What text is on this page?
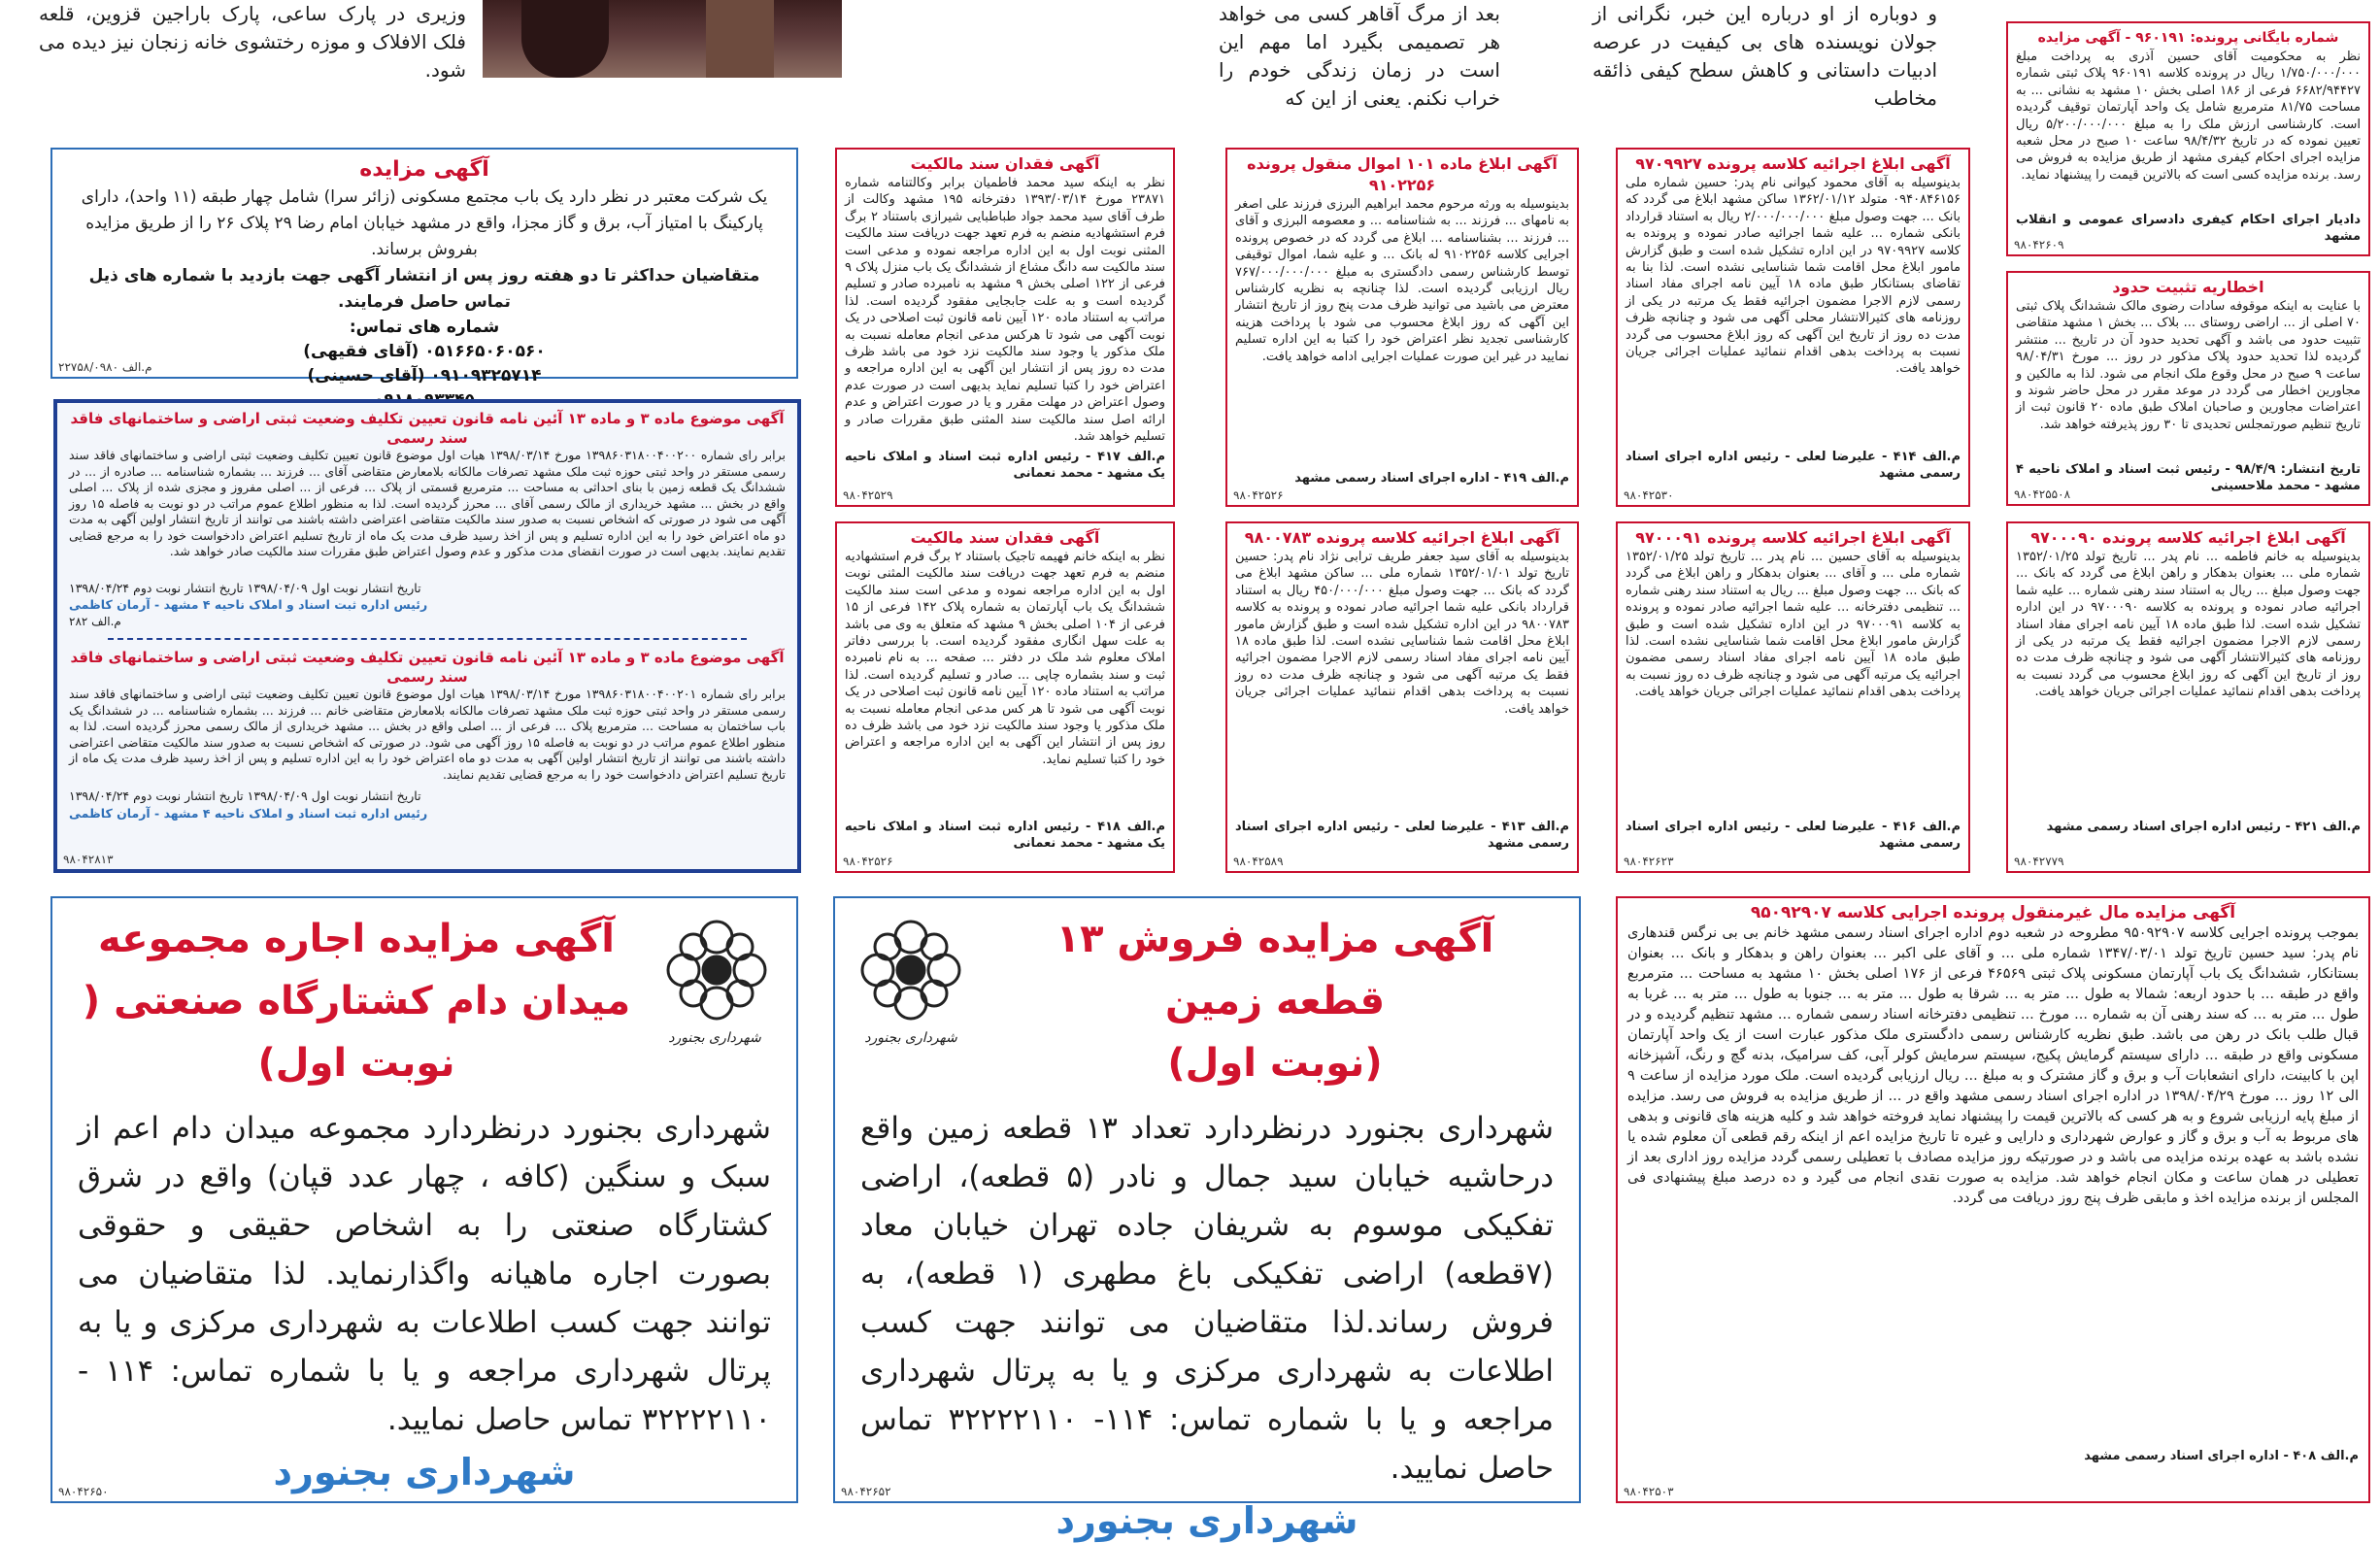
وزیری در پارک ساعی، پارک باراجین قزوین، قلعه فلک الافلاک و موزه رختشوی خانه زنجان نیز دیده می شود.
بعد از مرگ آقاهر کسی می خواهد هر تصمیمی بگیرد اما مهم این است در زمان زندگی خودم را خراب نکنم. یعنی از این که
و دوباره از او درباره این خبر، نگرانی از جولان نویسنده های بی کیفیت در عرصه ادبیات داستانی و کاهش سطح کیفی ذائقه مخاطب
آگهی مزایده
یک شرکت معتبر در نظر دارد یک باب مجتمع مسکونی (زائر سرا) شامل چهار طبقه (۱۱ واحد)، دارای پارکینگ با امتیاز آب، برق و گاز مجزا، واقع در مشهد خیابان امام رضا ۲۹ پلاک ۲۶ را از طریق مزایده بفروش برساند.
متقاضیان حداکثر تا دو هفته روز پس از انتشار آگهی جهت بازدید با شماره های ذیل تماس حاصل فرمایند.
شماره های تماس:
۰۵۱۶۶۵۰۶۰۵۶۰ (آقای فقیهی)
۰۹۱۰۹۳۲۵۷۱۴ (آقای حسینی)
م.الف ۲۲۷۵۸/۰۹۸۰
آگهی موضوع ماده ۳ و ماده ۱۳ آئین نامه قانون تعیین تکلیف وضعیت ثبتی اراضی و ساختمانهای فاقد سند رسمی
برابر رای شماره ۱۳۹۸۶۰۳۱۸۰۰۴۰۰۲۰۰ مورخ ۱۳۹۸/۰۳/۱۴ هیات اول موضوع قانون تعیین تکلیف وضعیت ثبتی اراضی و ساختمانهای فاقد سند رسمی مستقر در واحد ثبتی حوزه ثبت ملک مشهد تصرفات مالکانه بلامعارض متقاضی آقای ... فرزند ... بشماره شناسنامه ... صادره از ... در ششدانگ یک قطعه زمین با بنای احداثی به مساحت ... مترمربع قسمتی از پلاک ... فرعی از ... اصلی مفروز و مجزی شده از پلاک ... اصلی واقع در بخش ... مشهد خریداری از مالک رسمی آقای ... محرز گردیده است. لذا به منظور اطلاع عموم مراتب در دو نوبت به فاصله ۱۵ روز آگهی می شود در صورتی که اشخاص نسبت به صدور سند مالکیت متقاضی اعتراضی داشته باشند می توانند از تاریخ انتشار اولین آگهی به مدت دو ماه اعتراض خود را به این اداره تسلیم و پس از اخذ رسید ظرف مدت یک ماه از تاریخ تسلیم اعتراض دادخواست خود را به مرجع قضایی تقدیم نمایند. بدیهی است در صورت انقضای مدت مذکور و عدم وصول اعتراض طبق مقررات سند مالکیت صادر خواهد شد.
تاریخ انتشار نوبت اول ۱۳۹۸/۰۴/۰۹ تاریخ انتشار نوبت دوم ۱۳۹۸/۰۴/۲۴
رئیس اداره ثبت اسناد و املاک ناحیه ۴ مشهد - آرمان کاظمی
م.الف ۲۸۲
آگهی موضوع ماده ۳ و ماده ۱۳ آئین نامه قانون تعیین تکلیف وضعیت ثبتی اراضی و ساختمانهای فاقد سند رسمی
برابر رای شماره ۱۳۹۸۶۰۳۱۸۰۰۴۰۰۲۰۱ مورخ ۱۳۹۸/۰۳/۱۴ هیات اول موضوع قانون تعیین تکلیف وضعیت ثبتی اراضی و ساختمانهای فاقد سند رسمی مستقر در واحد ثبتی حوزه ثبت ملک مشهد تصرفات مالکانه بلامعارض متقاضی خانم ... فرزند ... بشماره شناسنامه ... در ششدانگ یک باب ساختمان به مساحت ... مترمربع پلاک ... فرعی از ... اصلی واقع در بخش ... مشهد خریداری از مالک رسمی محرز گردیده است. لذا به منظور اطلاع عموم مراتب در دو نوبت به فاصله ۱۵ روز آگهی می شود. در صورتی که اشخاص نسبت به صدور سند مالکیت متقاضی اعتراضی داشته باشند می توانند از تاریخ انتشار اولین آگهی به مدت دو ماه اعتراض خود را به این اداره تسلیم و پس از اخذ رسید ظرف مدت یک ماه از تاریخ تسلیم اعتراض دادخواست خود را به مرجع قضایی تقدیم نمایند.
تاریخ انتشار نوبت اول ۱۳۹۸/۰۴/۰۹ تاریخ انتشار نوبت دوم ۱۳۹۸/۰۴/۲۴
رئیس اداره ثبت اسناد و املاک ناحیه ۴ مشهد - آرمان کاظمی
۹۸۰۴۲۸۱۳
آگهی فقدان سند مالکیت
نظر به اینکه سید محمد فاطمیان برابر وکالتنامه شماره ۲۳۸۷۱ مورخ ۱۳۹۳/۰۳/۱۴ دفترخانه ۱۹۵ مشهد وکالت از طرف آقای سید محمد جواد طباطبایی شیرازی باستناد ۲ برگ فرم استشهادیه منضم به فرم تعهد جهت دریافت سند مالکیت المثنی نوبت اول به این اداره مراجعه نموده و مدعی است سند مالکیت سه دانگ مشاع از ششدانگ یک باب منزل پلاک ۹ فرعی از ۱۲۲ اصلی بخش ۹ مشهد به نامبرده صادر و تسلیم گردیده است و به علت جابجایی مفقود گردیده است. لذا مراتب به استناد ماده ۱۲۰ آیین نامه قانون ثبت اصلاحی در یک نوبت آگهی می شود تا هرکس مدعی انجام معامله نسبت به ملک مذکور یا وجود سند مالکیت نزد خود می باشد ظرف مدت ده روز پس از انتشار این آگهی به این اداره مراجعه و اعتراض خود را کتبا تسلیم نماید بدیهی است در صورت عدم وصول اعتراض در مهلت مقرر و یا در صورت اعتراض و عدم ارائه اصل سند مالکیت سند المثنی طبق مقررات صادر و تسلیم خواهد شد.
م.الف ۴۱۷ - رئیس اداره ثبت اسناد و املاک ناحیه یک مشهد - محمد نعمانی
۹۸۰۴۲۵۲۹
آگهی ابلاغ ماده ۱۰۱ اموال منقول پرونده ۹۱۰۲۲۵۶
بدینوسیله به ورثه مرحوم محمد ابراهیم البرزی فرزند علی اصغر به نامهای ... فرزند ... به شناسنامه ... و معصومه البرزی و آقای ... فرزند ... بشناسنامه ... ابلاغ می گردد که در خصوص پرونده اجرایی کلاسه ۹۱۰۲۲۵۶ له بانک ... و علیه شما، اموال توقیفی توسط کارشناس رسمی دادگستری به مبلغ ۷۶۷/۰۰۰/۰۰۰/۰۰۰ ریال ارزیابی گردیده است. لذا چنانچه به نظریه کارشناس معترض می باشید می توانید ظرف مدت پنج روز از تاریخ انتشار این آگهی که روز ابلاغ محسوب می شود با پرداخت هزینه کارشناسی تجدید نظر اعتراض خود را کتبا به این اداره تسلیم نمایید در غیر این صورت عملیات اجرایی ادامه خواهد یافت.
م.الف ۴۱۹ - اداره اجرای اسناد رسمی مشهد
۹۸۰۴۲۵۲۶
آگهی ابلاغ اجرائیه کلاسه پرونده ۹۷۰۹۹۲۷
بدینوسیله به آقای محمود کیوانی نام پدر: حسین شماره ملی ۰۹۴۰۸۴۶۱۵۶ متولد ۱۳۶۲/۰۱/۱۲ ساکن مشهد ابلاغ می گردد که بانک ... جهت وصول مبلغ ۲/۰۰۰/۰۰۰/۰۰۰ ریال به استناد قرارداد بانکی شماره ... علیه شما اجرائیه صادر نموده و پرونده به کلاسه ۹۷۰۹۹۲۷ در این اداره تشکیل شده است و طبق گزارش مامور ابلاغ محل اقامت شما شناسایی نشده است. لذا بنا به تقاضای بستانکار طبق ماده ۱۸ آیین نامه اجرای مفاد اسناد رسمی لازم الاجرا مضمون اجرائیه فقط یک مرتبه در یکی از روزنامه های کثیرالانتشار محلی آگهی می شود و چنانچه ظرف مدت ده روز از تاریخ این آگهی که روز ابلاغ محسوب می گردد نسبت به پرداخت بدهی اقدام ننمائید عملیات اجرائی جریان خواهد یافت.
م.الف ۴۱۴ - علیرضا لعلی - رئیس اداره اجرای اسناد رسمی مشهد
۹۸۰۴۲۵۳۰
شماره بایگانی پرونده: ۹۶۰۱۹۱ - آگهی مزایده
نظر به محکومیت آقای حسین آذری به پرداخت مبلغ ۱/۷۵۰/۰۰۰/۰۰۰ ریال در پرونده کلاسه ۹۶۰۱۹۱ پلاک ثبتی شماره ۶۶۸۲/۹۴۴۲۷ فرعی از ۱۸۶ اصلی بخش ۱۰ مشهد به نشانی ... به مساحت ۸۱/۷۵ مترمربع شامل یک واحد آپارتمان توقیف گردیده است. کارشناسی ارزش ملک را به مبلغ ۵/۲۰۰/۰۰۰/۰۰۰ ریال تعیین نموده که در تاریخ ۹۸/۴/۳۲ ساعت ۱۰ صبح در محل شعبه مزایده اجرای احکام کیفری مشهد از طریق مزایده به فروش می رسد. برنده مزایده کسی است که بالاترین قیمت را پیشنهاد نماید.
دادیار اجرای احکام کیفری دادسرای عمومی و انقلاب مشهد
۹۸۰۴۲۶۰۹
اخطاریه تثبیت حدود
با عنایت به اینکه موقوفه سادات رضوی مالک ششدانگ پلاک ثبتی ۷۰ اصلی از ... اراضی روستای ... بلاک ... بخش ۱ مشهد متقاضی تثبیت حدود می باشد و آگهی تحدید حدود آن در تاریخ ... منتشر گردیده لذا تحدید حدود پلاک مذکور در روز ... مورخ ۹۸/۰۴/۳۱ ساعت ۹ صبح در محل وقوع ملک انجام می شود. لذا به مالکین و مجاورین اخطار می گردد در موعد مقرر در محل حاضر شوند و اعتراضات مجاورین و صاحبان املاک طبق ماده ۲۰ قانون ثبت از تاریخ تنظیم صورتمجلس تحدیدی تا ۳۰ روز پذیرفته خواهد شد.
تاریخ انتشار: ۹۸/۴/۹ - رئیس ثبت اسناد و املاک ناحیه ۴ مشهد - محمد ملاحسینی
۹۸۰۴۲۵۵۰۸
آگهی فقدان سند مالکیت
نظر به اینکه خانم فهیمه تاجیک باستناد ۲ برگ فرم استشهادیه منضم به فرم تعهد جهت دریافت سند مالکیت المثنی نوبت اول به این اداره مراجعه نموده و مدعی است سند مالکیت ششدانگ یک باب آپارتمان به شماره پلاک ۱۴۲ فرعی از ۱۵ فرعی از ۱۰۴ اصلی بخش ۹ مشهد که متعلق به وی می باشد به علت سهل انگاری مفقود گردیده است. با بررسی دفاتر املاک معلوم شد ملک در دفتر ... صفحه ... به نام نامبرده ثبت و سند بشماره چاپی ... صادر و تسلیم گردیده است. لذا مراتب به استناد ماده ۱۲۰ آیین نامه قانون ثبت اصلاحی در یک نوبت آگهی می شود تا هر کس مدعی انجام معامله نسبت به ملک مذکور یا وجود سند مالکیت نزد خود می باشد ظرف ده روز پس از انتشار این آگهی به این اداره مراجعه و اعتراض خود را کتبا تسلیم نماید.
م.الف ۴۱۸ - رئیس اداره ثبت اسناد و املاک ناحیه یک مشهد - محمد نعمانی
۹۸۰۴۲۵۲۶
آگهی ابلاغ اجرائیه کلاسه پرونده ۹۸۰۰۷۸۳
بدینوسیله به آقای سید جعفر طریف ترابی نژاد نام پدر: حسین تاریخ تولد ۱۳۵۲/۰۱/۰۱ شماره ملی ... ساکن مشهد ابلاغ می گردد که بانک ... جهت وصول مبلغ ۴۵۰/۰۰۰/۰۰۰ ریال به استناد قرارداد بانکی علیه شما اجرائیه صادر نموده و پرونده به کلاسه ۹۸۰۰۷۸۳ در این اداره تشکیل شده است و طبق گزارش مامور ابلاغ محل اقامت شما شناسایی نشده است. لذا طبق ماده ۱۸ آیین نامه اجرای مفاد اسناد رسمی لازم الاجرا مضمون اجرائیه فقط یک مرتبه آگهی می شود و چنانچه ظرف مدت ده روز نسبت به پرداخت بدهی اقدام ننمائید عملیات اجرائی جریان خواهد یافت.
م.الف ۴۱۳ - علیرضا لعلی - رئیس اداره اجرای اسناد رسمی مشهد
۹۸۰۴۲۵۸۹
آگهی ابلاغ اجرائیه کلاسه پرونده ۹۷۰۰۰۹۱
بدینوسیله به آقای حسین ... نام پدر ... تاریخ تولد ۱۳۵۲/۰۱/۲۵ شماره ملی ... و آقای ... بعنوان بدهکار و راهن ابلاغ می گردد که بانک ... جهت وصول مبلغ ... ریال به استناد سند رهنی شماره ... تنظیمی دفترخانه ... علیه شما اجرائیه صادر نموده و پرونده به کلاسه ۹۷۰۰۰۹۱ در این اداره تشکیل شده است و طبق گزارش مامور ابلاغ محل اقامت شما شناسایی نشده است. لذا طبق ماده ۱۸ آیین نامه اجرای مفاد اسناد رسمی مضمون اجرائیه یک مرتبه آگهی می شود و چنانچه ظرف ده روز نسبت به پرداخت بدهی اقدام ننمائید عملیات اجرائی جریان خواهد یافت.
م.الف ۴۱۶ - علیرضا لعلی - رئیس اداره اجرای اسناد رسمی مشهد
۹۸۰۴۲۶۲۳
آگهی ابلاغ اجرائیه کلاسه پرونده ۹۷۰۰۰۹۰
بدینوسیله به خانم فاطمه ... نام پدر ... تاریخ تولد ۱۳۵۲/۰۱/۲۵ شماره ملی ... بعنوان بدهکار و راهن ابلاغ می گردد که بانک ... جهت وصول مبلغ ... ریال به استناد سند رهنی شماره ... علیه شما اجرائیه صادر نموده و پرونده به کلاسه ۹۷۰۰۰۹۰ در این اداره تشکیل شده است. لذا طبق ماده ۱۸ آیین نامه اجرای مفاد اسناد رسمی لازم الاجرا مضمون اجرائیه فقط یک مرتبه در یکی از روزنامه های کثیرالانتشار آگهی می شود و چنانچه ظرف مدت ده روز از تاریخ این آگهی که روز ابلاغ محسوب می گردد نسبت به پرداخت بدهی اقدام ننمائید عملیات اجرائی جریان خواهد یافت.
م.الف ۴۲۱ - رئیس اداره اجرای اسناد رسمی مشهد
۹۸۰۴۲۷۷۹
شهرداری بجنورد
آگهی مزایده اجاره مجموعه
میدان دام کشتارگاه صنعتی ( نوبت اول)
شهرداری بجنورد درنظردارد مجموعه میدان دام اعم از سبک و سنگین (کافه ، چهار عدد قپان) واقع در شرق کشتارگاه صنعتی را به اشخاص حقیقی و حقوقی بصورت اجاره ماهیانه واگذارنماید. لذا متقاضیان می توانند جهت کسب اطلاعات به شهرداری مرکزی و یا به پرتال شهرداری مراجعه و یا با شماره تماس: ۱۱۴ - ۳۲۲۲۲۱۱۰ تماس حاصل نمایید.
شهرداری بجنورد
۹۸۰۴۲۶۵۰
شهرداری بجنورد
آگهی مزایده فروش ۱۳ قطعه زمین
(نوبت اول)
شهرداری بجنورد درنظردارد تعداد ۱۳ قطعه زمین واقع درحاشیه خیابان سید جمال و نادر (۵ قطعه)، اراضی تفکیکی موسوم به شریفان جاده تهران خیابان معاد (۷قطعه) اراضی تفکیکی باغ مطهری (۱ قطعه)، به فروش رساند.لذا متقاضیان می توانند جهت کسب اطلاعات به شهرداری مرکزی و یا به پرتال شهرداری مراجعه و یا با شماره تماس: ۱۱۴- ۳۲۲۲۲۱۱۰ تماس حاصل نمایید.
شهرداری بجنورد
۹۸۰۴۲۶۵۲
آگهی مزایده مال غیرمنقول پرونده اجرایی کلاسه ۹۵۰۹۲۹۰۷
بموجب پرونده اجرایی کلاسه ۹۵۰۹۲۹۰۷ مطروحه در شعبه دوم اداره اجرای اسناد رسمی مشهد خانم بی بی نرگس قندهاری نام پدر: سید حسین تاریخ تولد ۱۳۴۷/۰۳/۰۱ شماره ملی ... و آقای علی اکبر ... بعنوان راهن و بدهکار و بانک ... بعنوان بستانکار، ششدانگ یک باب آپارتمان مسکونی پلاک ثبتی ۴۶۵۶۹ فرعی از ۱۷۶ اصلی بخش ۱۰ مشهد به مساحت ... مترمربع واقع در طبقه ... با حدود اربعه: شمالا به طول ... متر به ... شرقا به طول ... متر به ... جنوبا به طول ... متر به ... غربا به طول ... متر به ... که سند رهنی آن به شماره ... مورخ ... تنظیمی دفترخانه اسناد رسمی شماره ... مشهد تنظیم گردیده و در قبال طلب بانک در رهن می باشد. طبق نظریه کارشناس رسمی دادگستری ملک مذکور عبارت است از یک واحد آپارتمان مسکونی واقع در طبقه ... دارای سیستم گرمایش پکیج، سیستم سرمایش کولر آبی، کف سرامیک، بدنه گچ و رنگ، آشپزخانه اپن با کابینت، دارای انشعابات آب و برق و گاز مشترک و به مبلغ ... ریال ارزیابی گردیده است. ملک مورد مزایده از ساعت ۹ الی ۱۲ روز ... مورخ ۱۳۹۸/۰۴/۲۹ در اداره اجرای اسناد رسمی مشهد واقع در ... از طریق مزایده به فروش می رسد. مزایده از مبلغ پایه ارزیابی شروع و به هر کسی که بالاترین قیمت را پیشنهاد نماید فروخته خواهد شد و کلیه هزینه های قانونی و بدهی های مربوط به آب و برق و گاز و عوارض شهرداری و دارایی و غیره تا تاریخ مزایده اعم از اینکه رقم قطعی آن معلوم شده یا نشده باشد به عهده برنده مزایده می باشد و در صورتیکه روز مزایده مصادف با تعطیلی رسمی گردد مزایده روز اداری بعد از تعطیلی در همان ساعت و مکان انجام خواهد شد. مزایده به صورت نقدی انجام می گیرد و ده درصد مبلغ پیشنهادی فی المجلس از برنده مزایده اخذ و مابقی ظرف پنج روز دریافت می گردد.
م.الف ۴۰۸ - اداره اجرای اسناد رسمی مشهد
۹۸۰۴۲۵۰۳
